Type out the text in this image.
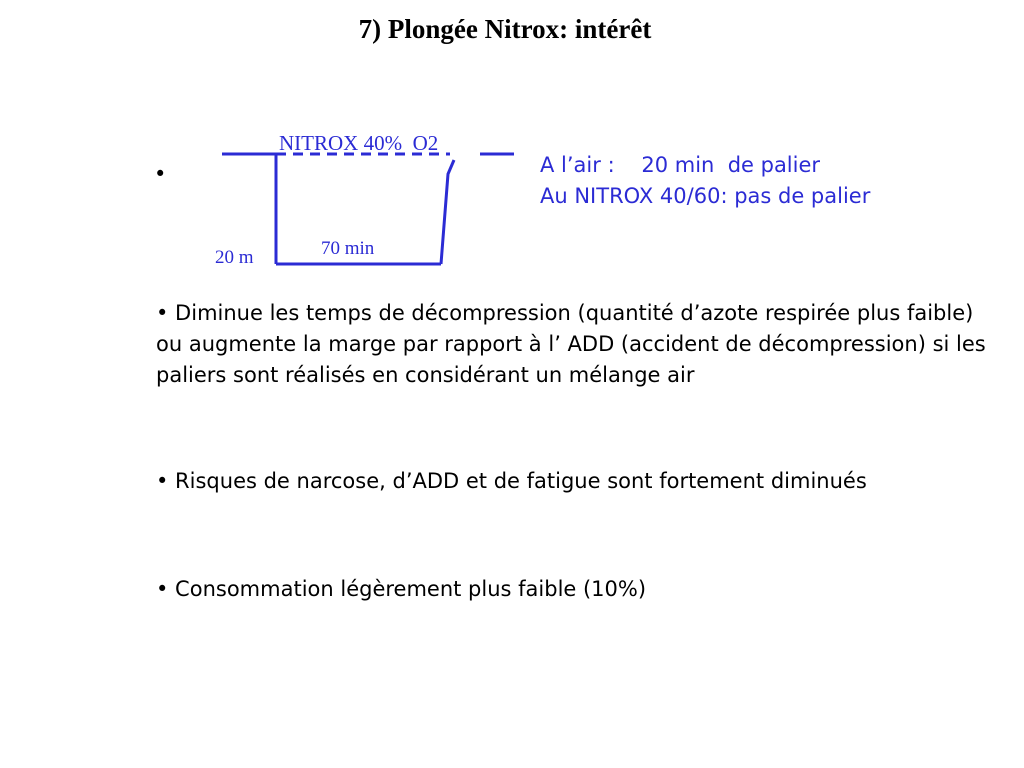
7) Plongée Nitrox: intérêt
•
NITROX 40%  O2
70 min
20 m
A l’air :    20 min  de palier
Au NITROX 40/60: pas de palier
• Diminue les temps de décompression (quantité d’azote respirée plus faible) ou augmente la marge par rapport à l’ ADD (accident de décompression) si les paliers sont réalisés en considérant un mélange air
• Risques de narcose, d’ADD et de fatigue sont fortement diminués
• Consommation légèrement plus faible (10%)
